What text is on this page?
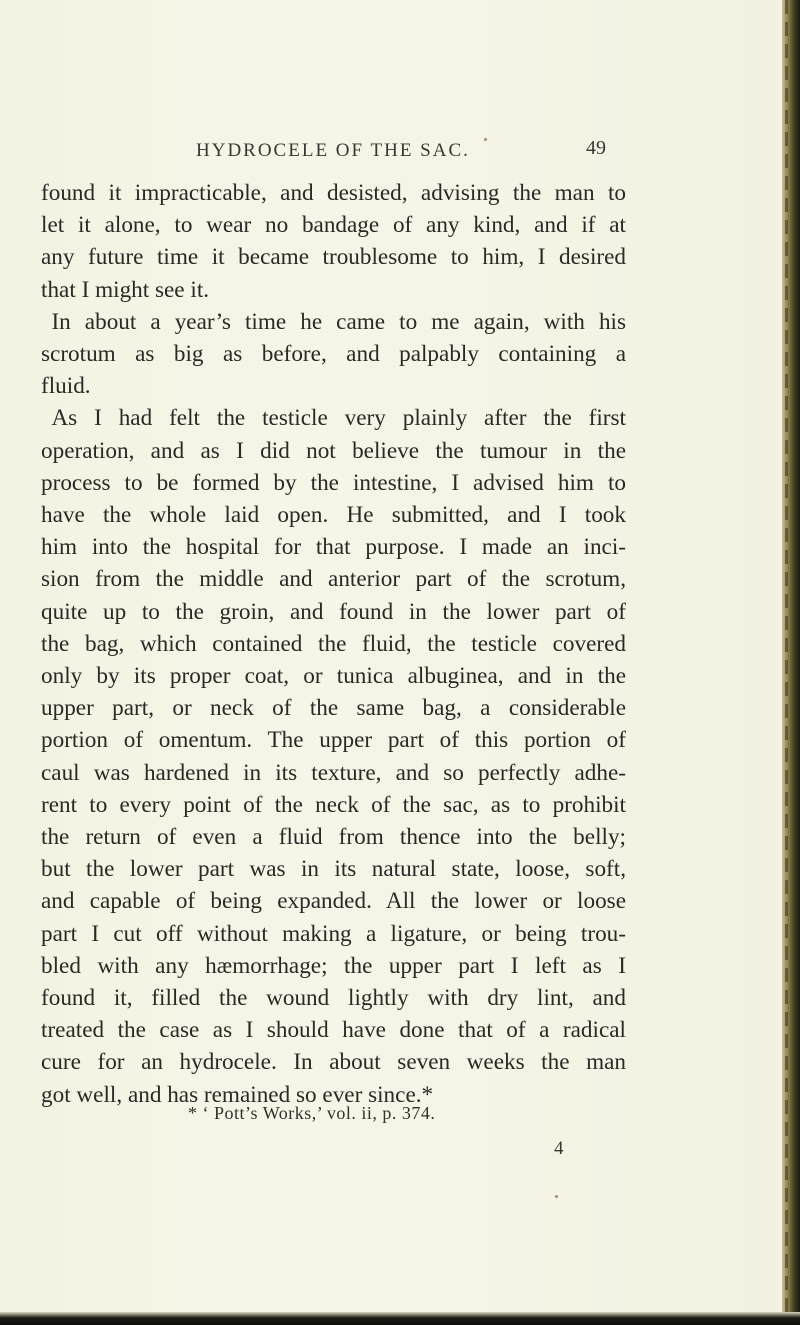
HYDROCELE OF THE SAC.	49

found it impracticable, and desisted, advising the man to

let it alone, to wear no bandage of any kind, and if at

any future time it became troublesome to him, I desired

that I might see it.

In about a year’s time he came to me again, with his

scrotum as big as before, and palpably containing a

fluid.

As I had felt the testicle very plainly after the first

operation, and as I did not believe the tumour in the

process to be formed by the intestine, I advised him to

have the whole laid open. He submitted, and I took

him into the hospital for that purpose. I made an inci-

sion from the middle and anterior part of the scrotum,

quite up to the groin, and found in the lower part of

the bag, which contained the fluid, the testicle covered

only by its proper coat, or tunica albuginea, and in the

upper part, or neck of the same bag, a considerable

portion of omentum. The upper part of this portion of

caul was hardened in its texture, and so perfectly adhe-

rent to every point of the neck of the sac, as to prohibit

the return of even a fluid from thence into the belly;

but the lower part was in its natural state, loose, soft,

and capable of being expanded. All the lower or loose

part I cut off without making a ligature, or being trou-

bled with any hæmorrhage; the upper part I left as I

found it, filled the wound lightly with dry lint, and

treated the case as I should have done that of a radical

cure for an hydrocele. In about seven weeks the man

got well, and has remained so ever since.*

* ‘ Pott’s Works,’ vol. ii, p. 374.
4
